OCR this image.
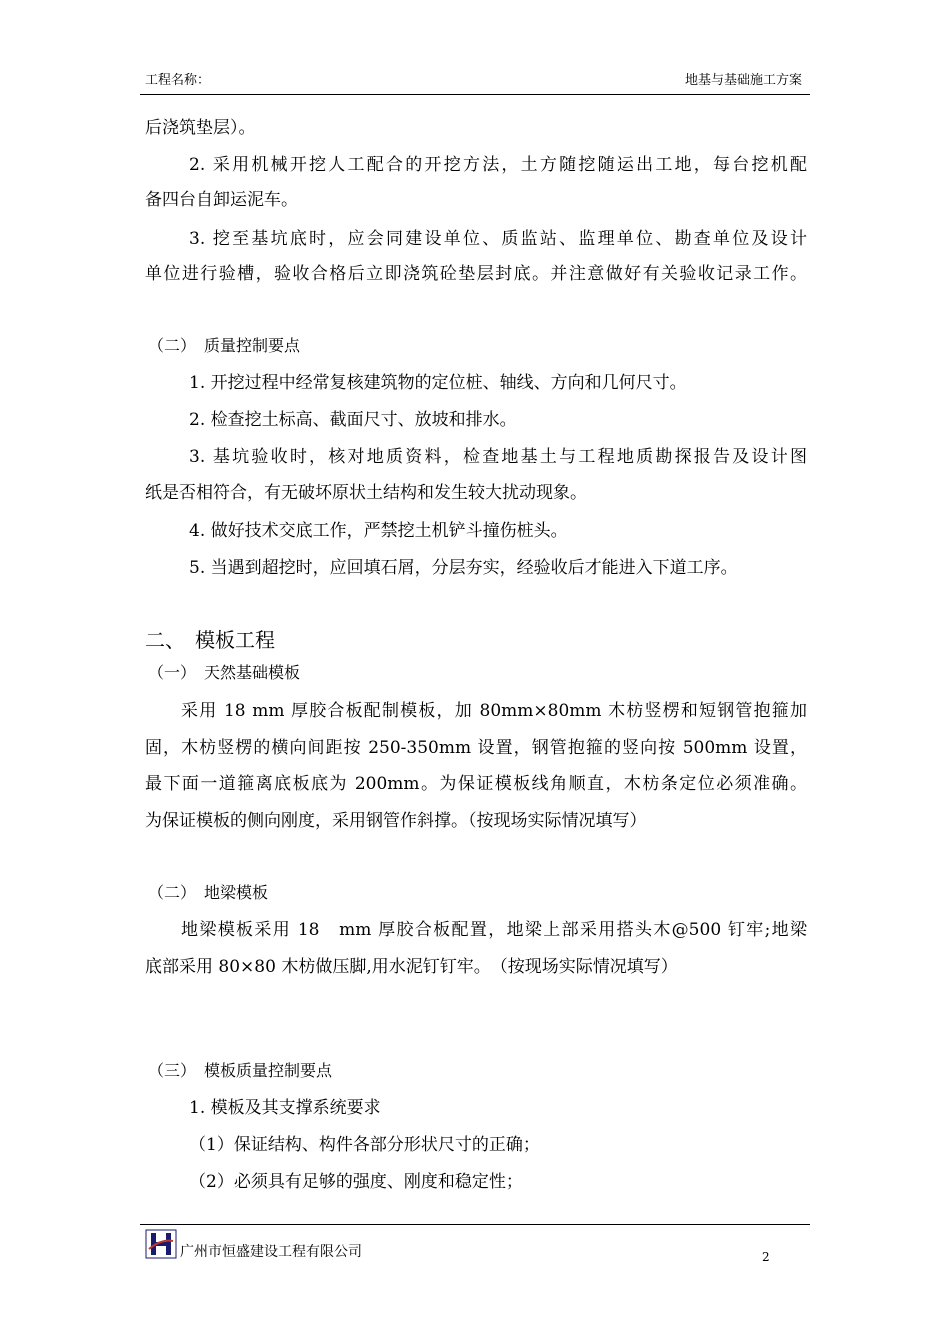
工程名称：	地基与基础施工方案
后浇筑垫层）。
2. 采用机械开挖人工配合的开挖方法，土方随挖随运出工地，每台挖机配
备四台自卸运泥车。
3. 挖至基坑底时，应会同建设单位、质监站、监理单位、勘查单位及设计
单位进行验槽，验收合格后立即浇筑砼垫层封底。并注意做好有关验收记录工作。
（二）　质量控制要点
1. 开挖过程中经常复核建筑物的定位桩、轴线、方向和几何尺寸。
2. 检查挖土标高、截面尺寸、放坡和排水。
3. 基坑验收时，核对地质资料，检查地基土与工程地质勘探报告及设计图
纸是否相符合，有无破坏原状土结构和发生较大扰动现象。
4. 做好技术交底工作，严禁挖土机铲斗撞伤桩头。
5. 当遇到超挖时，应回填石屑，分层夯实，经验收后才能进入下道工序。
二、　模板工程
（一）　天然基础模板
采用 18 mm 厚胶合板配制模板，加 80mm×80mm 木枋竖楞和短钢管抱箍加
固，木枋竖楞的横向间距按 250-350mm 设置，钢管抱箍的竖向按 500mm 设置，
最下面一道箍离底板底为 200mm。为保证模板线角顺直，木枋条定位必须准确。
为保证模板的侧向刚度，采用钢管作斜撑。（按现场实际情况填写）
（二）　地梁模板
地梁模板采用 18　mm 厚胶合板配置，地梁上部采用搭头木@500 钉牢;地梁
底部采用 80×80 木枋做压脚,用水泥钉钉牢。　（按现场实际情况填写）
（三）　模板质量控制要点
1. 模板及其支撑系统要求
（1）保证结构、构件各部分形状尺寸的正确；
（2）必须具有足够的强度、刚度和稳定性；
广州市恒盛建设工程有限公司	2
